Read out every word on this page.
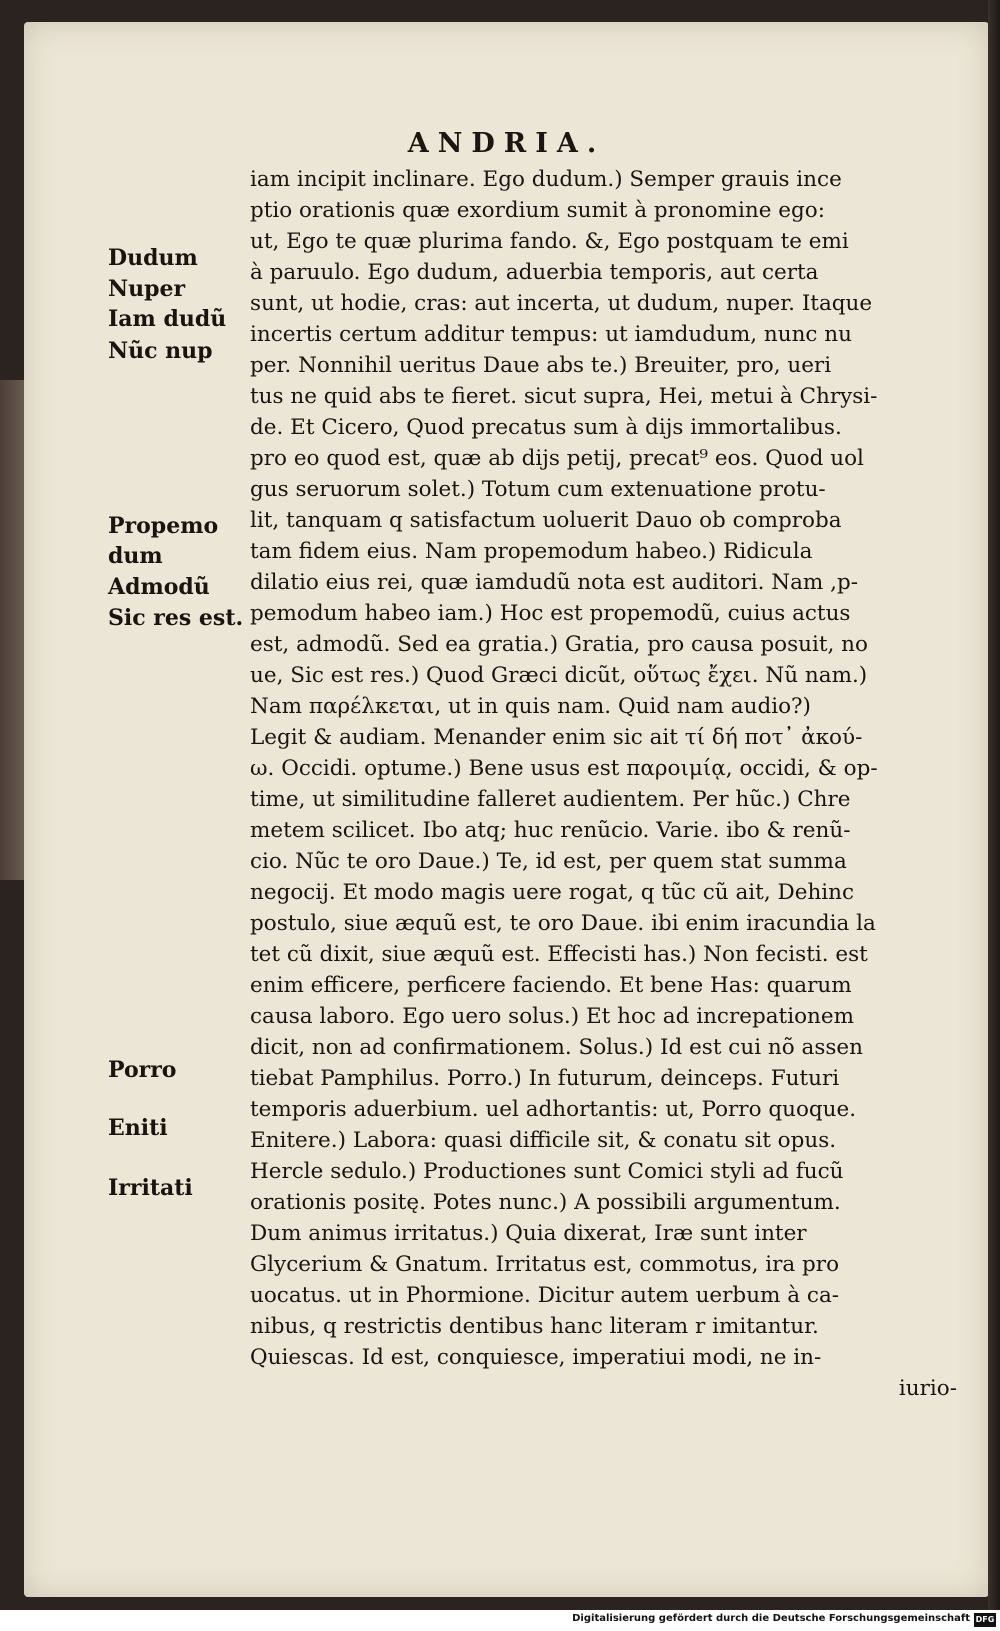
ANDRIA.
Dudum
Nuper
Iam dudũ
Nũc nup
Propemo
dum
Admodũ
Sic res est.
Porro
Eniti
Irritati
iam incipit inclinare. Ego dudum.) Semper grauis ince
ptio orationis quæ exordium sumit à pronomine ego:
ut, Ego te quæ plurima fando. &, Ego postquam te emi
à paruulo. Ego dudum, aduerbia temporis, aut certa
sunt, ut hodie, cras: aut incerta, ut dudum, nuper. Itaque
incertis certum additur tempus: ut iamdudum, nunc nu
per. Nonnihil ueritus Daue abs te.) Breuiter, pro, ueri
tus ne quid abs te fieret. sicut supra, Hei, metui à Chrysi-
de. Et Cicero, Quod precatus sum à dijs immortalibus.
pro eo quod est, quæ ab dijs petij, precat⁹ eos. Quod uol
gus seruorum solet.) Totum cum extenuatione protu-
lit, tanquam q satisfactum uoluerit Dauo ob comproba
tam fidem eius. Nam propemodum habeo.) Ridicula
dilatio eius rei, quæ iamdudũ nota est auditori. Nam ,p-
pemodum habeo iam.) Hoc est propemodũ, cuius actus
est, admodũ. Sed ea gratia.) Gratia, pro causa posuit, no
ue, Sic est res.) Quod Græci dicũt, οὕτως ἔχει. Nũ nam.)
Nam παρέλκεται, ut in quis nam. Quid nam audio?)
Legit & audiam. Menander enim sic ait τί δή ποτ᾽ ἀκού-
ω. Occidi. optume.) Bene usus est παροιμίᾳ, occidi, & op-
time, ut similitudine falleret audientem. Per hũc.) Chre
metem scilicet. Ibo atq; huc renũcio. Varie. ibo & renũ-
cio. Nũc te oro Daue.) Te, id est, per quem stat summa
negocij. Et modo magis uere rogat, q tũc cũ ait, Dehinc
postulo, siue æquũ est, te oro Daue. ibi enim iracundia la
tet cũ dixit, siue æquũ est. Effecisti has.) Non fecisti. est
enim efficere, perficere faciendo. Et bene Has: quarum
causa laboro. Ego uero solus.) Et hoc ad increpationem
dicit, non ad confirmationem. Solus.) Id est cui nõ assen
tiebat Pamphilus. Porro.) In futurum, deinceps. Futuri
temporis aduerbium. uel adhortantis: ut, Porro quoque.
Enitere.) Labora: quasi difficile sit, & conatu sit opus.
Hercle sedulo.) Productiones sunt Comici styli ad fucũ
orationis positę. Potes nunc.) A possibili argumentum.
Dum animus irritatus.) Quia dixerat, Iræ sunt inter
Glycerium & Gnatum. Irritatus est, commotus, ira pro
uocatus. ut in Phormione. Dicitur autem uerbum à ca-
nibus, q restrictis dentibus hanc literam r imitantur.
Quiescas. Id est, conquiesce, imperatiui modi, ne in-
iurio-
Digitalisierung gefördert durch die Deutsche Forschungsgemeinschaft DFG
